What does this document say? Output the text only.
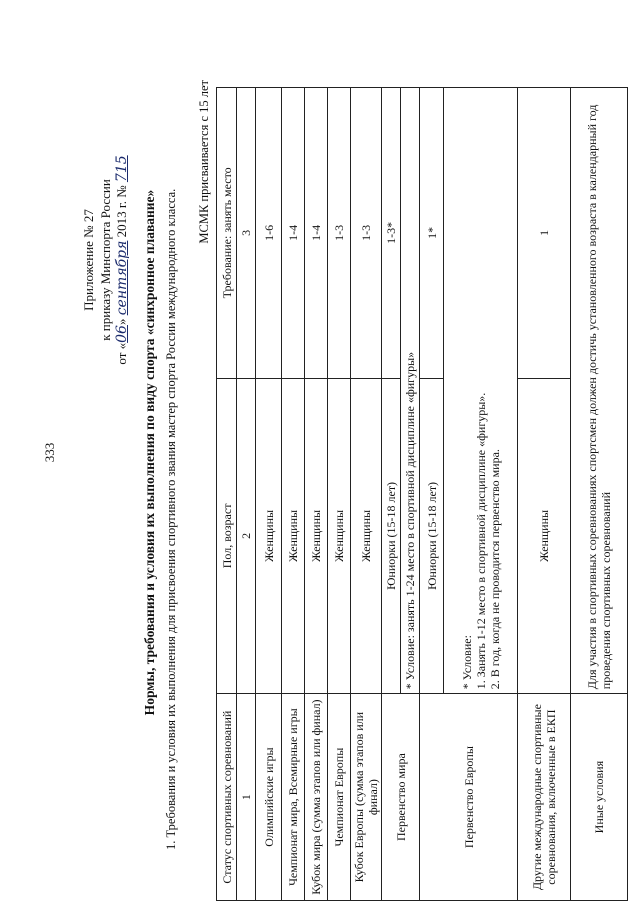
333
Приложение № 27 к приказу Минспорта России
от «06» сентября 2013 г. № 715
Нормы, требования и условия их выполнения по виду спорта «синхронное плавание» 1. Требования и условия их выполнения для присвоения спортивного звания мастер спорта России международного класса.
МСМК присваивается с 15 лет
Статус спортивных соревнований	Пол, возраст	Требование: занять место
1	2	3
Олимпийские игры	Женщины	1-6
Чемпионат мира, Всемирные игры	Женщины	1-4
Кубок мира (сумма этапов или финал)	Женщины	1-4
Чемпионат Европы	Женщины	1-3
Кубок Европы (сумма этапов или финал)	Женщины	1-3
Первенство мира	Юниорки (15-18 лет)	1-3*
	* Условие: занять 1-24 место в спортивной дисциплине «фигуры»	
Первенство Европы	Юниорки (15-18 лет)	1*

	* Условие: 1. Занять 1-12 место в спортивной дисциплине «фигуры». 2. В год, когда не проводится первенство мира.	

Другие международные спортивные соревнования, включенные в ЕКП	Женщины	1
Иные условия	Для участия в спортивных соревнованиях спортсмен должен достичь установленного возраста в календарный год проведения спортивных соревнований	
